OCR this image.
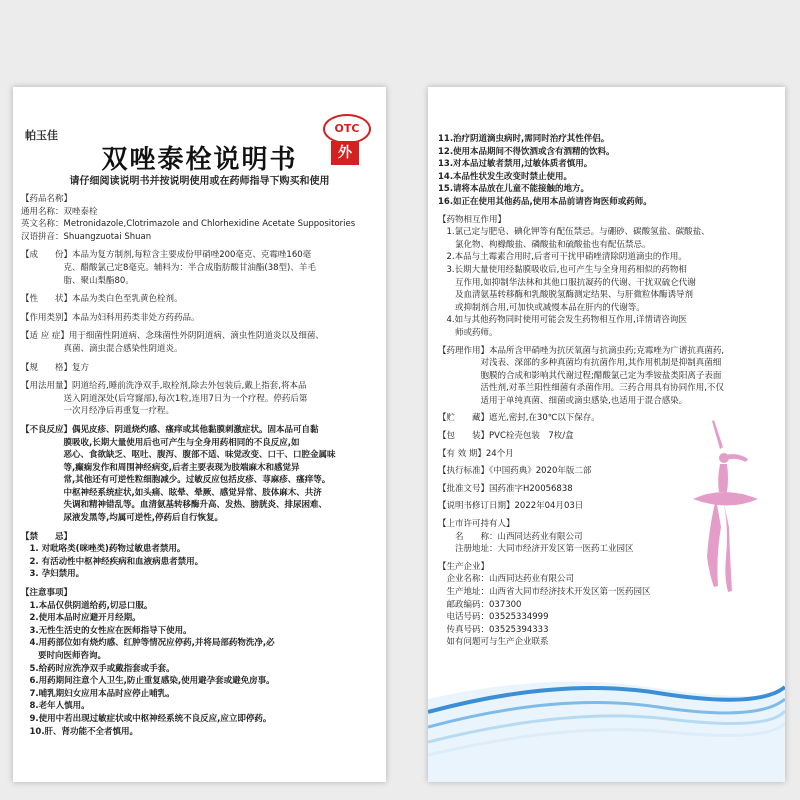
帕玉佳
OTC
外
双唑泰栓说明书
请仔细阅读说明书并按说明使用或在药师指导下购买和使用
【药品名称】
通用名称：双唑泰栓
英文名称：Metronidazole,Clotrimazole and Chlorhexidine Acetate Suppositories
汉语拼音：Shuangzuotai Shuan
【成　　份】本品为复方制剂,每粒含主要成份甲硝唑200毫克、克霉唑160毫
　　　　　克、醋酸氯己定8毫克。辅料为：半合成脂肪酸甘油酯(38型)、羊毛
　　　　　脂、聚山梨酯80。
【性　　状】本品为类白色至乳黄色栓剂。
【作用类别】本品为妇科用药类非处方药药品。
【适 应 症】用于细菌性阴道病、念珠菌性外阴阴道病、滴虫性阴道炎以及细菌、
　　　　　真菌、滴虫混合感染性阴道炎。
【规　　格】复方
【用法用量】阴道给药,睡前洗净双手,取栓剂,除去外包装后,戴上指套,将本品
　　　　　送入阴道深处(后穹窿部),每次1粒,连用7日为一个疗程。停药后第
　　　　　一次月经净后再重复一疗程。
【不良反应】偶见皮疹、阴道烧灼感、瘙痒或其他黏膜刺激症状。固本品可自黏
　　　　　膜吸收,长期大量使用后也可产生与全身用药相同的不良反应,如
　　　　　恶心、食欲缺乏、呕吐、腹泻、腹部不适、味觉改变、口干、口腔金属味
　　　　　等,癫痫发作和周围神经病变,后者主要表现为肢端麻木和感觉异
　　　　　常,其他还有可逆性粒细胞减少。过敏反应包括皮疹、荨麻疹、瘙痒等。
　　　　　中枢神经系统症状,如头痛、眩晕、晕厥、感觉异常、肢体麻木、共济
　　　　　失调和精神错乱等。血清氨基转移酶升高、发热、膀胱炎、排尿困难、
　　　　　尿液发黑等,均属可逆性,停药后自行恢复。
【禁　　忌】
　1. 对吡咯类(咪唑类)药物过敏患者禁用。
　2. 有活动性中枢神经疾病和血液病患者禁用。
　3. 孕妇禁用。
【注意事项】
　1.本品仅供阴道给药,切忌口服。
　2.使用本品时应避开月经期。
　3.无性生活史的女性应在医师指导下使用。
　4.用药部位如有烧灼感、红肿等情况应停药,并将局部药物洗净,必
　　要时向医师咨询。
　5.给药时应洗净双手或戴指套或手套。
　6.用药期间注意个人卫生,防止重复感染,使用避孕套或避免房事。
　7.哺乳期妇女应用本品时应停止哺乳。
　8.老年人慎用。
　9.使用中若出现过敏症状或中枢神经系统不良反应,应立即停药。
　10.肝、肾功能不全者慎用。
11.治疗阴道滴虫病时,需同时治疗其性伴侣。
12.使用本品期间不得饮酒或含有酒精的饮料。
13.对本品过敏者禁用,过敏体质者慎用。
14.本品性状发生改变时禁止使用。
15.请将本品放在儿童不能接触的地方。
16.如正在使用其他药品,使用本品前请咨询医师或药师。
【药物相互作用】
　1.氯己定与肥皂、碘化钾等有配伍禁忌。与硼砂、碳酸氢盐、碳酸盐、
　　氯化物、枸橼酸盐、磷酸盐和硫酸盐也有配伍禁忌。
　2.本品与土霉素合用时,后者可干扰甲硝唑清除阴道滴虫的作用。
　3.长期大量使用经黏膜吸收后,也可产生与全身用药相似的药物相
　　互作用,如抑制华法林和其他口服抗凝药的代谢、干扰双硫仑代谢
　　及血清氨基转移酶和乳酸脱氢酶测定结果、与肝微粒体酶诱导剂
　　或抑制剂合用,可加快或减慢本品在肝内的代谢等。
　4.如与其他药物同时使用可能会发生药物相互作用,详情请咨询医
　　师或药师。
【药理作用】本品所含甲硝唑为抗厌氧菌与抗滴虫药;克霉唑为广谱抗真菌药,
　　　　　对浅表、深部的多种真菌均有抗菌作用,其作用机制是抑制真菌细
　　　　　胞膜的合成和影响其代谢过程;醋酸氯己定为季铵盐类阳离子表面
　　　　　活性剂,对革兰阳性细菌有杀菌作用。三药合用具有协同作用,不仅
　　　　　适用于单纯真菌、细菌或滴虫感染,也适用于混合感染。
【贮　　藏】遮光,密封,在30℃以下保存。
【包　　装】PVC栓壳包装　7枚/盒
【有 效 期】24个月
【执行标准】《中国药典》2020年版二部
【批准文号】国药准字H20056838
【说明书修订日期】2022年04月03日
【上市许可持有人】
　　名　　称：山西同达药业有限公司
　　注册地址：大同市经济开发区第一医药工业园区
【生产企业】
　企业名称：山西同达药业有限公司
　生产地址：山西省大同市经济技术开发区第一医药园区
　邮政编码：037300
　电话号码：03525334999
　传真号码：03525394333
　如有问题可与生产企业联系
